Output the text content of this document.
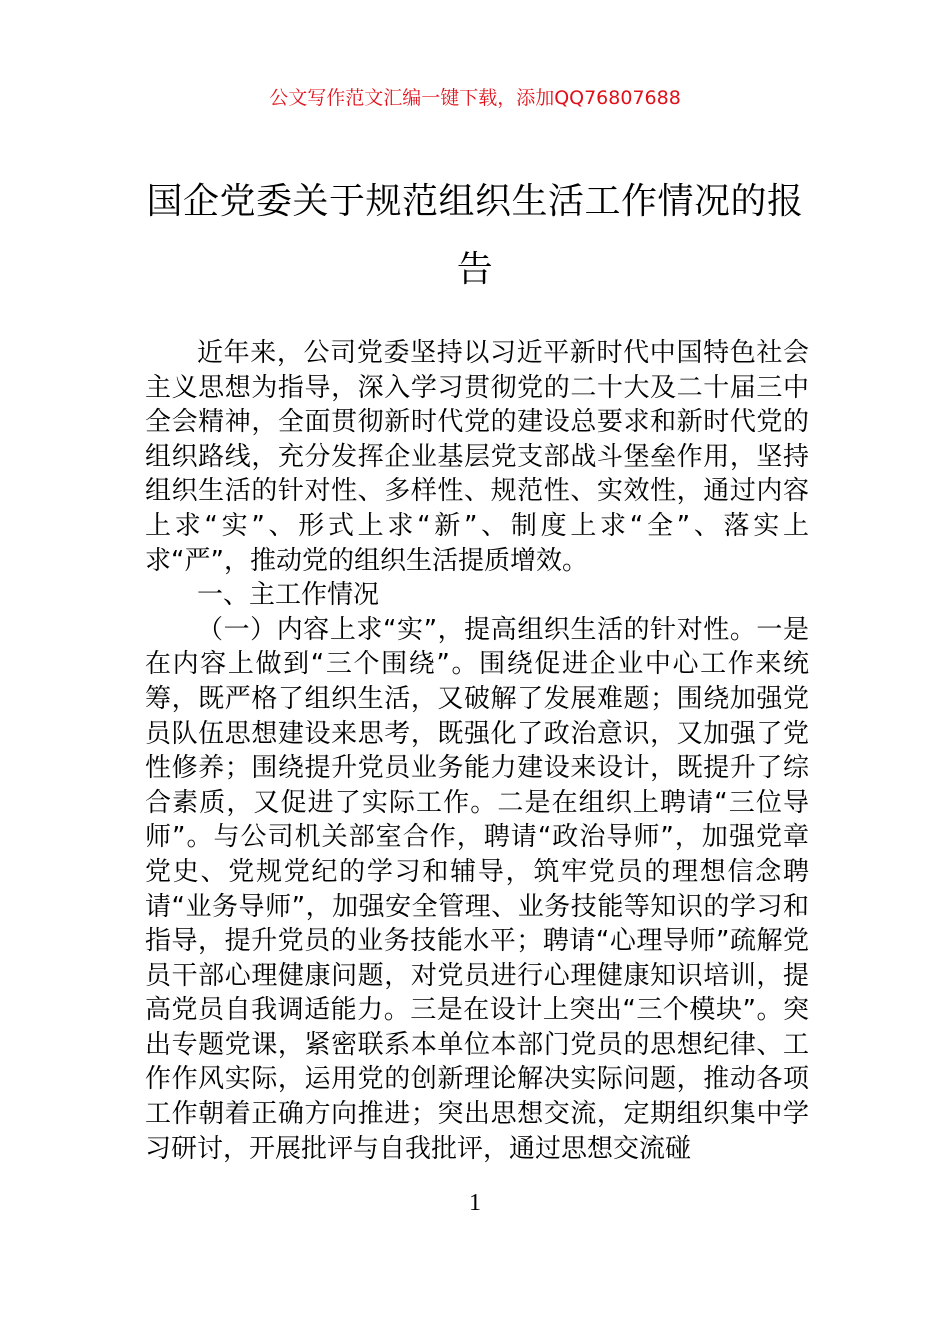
公文写作范文汇编一键下载，添加QQ76807688
国企党委关于规范组织生活工作情况的报告

近年来，公司党委坚持以习近平新时代中国特色社会主义思想为指导，深入学习贯彻党的二十大及二十届三中全会精神，全面贯彻新时代党的建设总要求和新时代党的组织路线，充分发挥企业基层党支部战斗堡垒作用，坚持组织生活的针对性、多样性、规范性、实效性，通过内容上求“实”、形式上求“新”、制度上求“全”、落实上求“严”，推动党的组织生活提质增效。

一、主工作情况

（一）内容上求“实”，提高组织生活的针对性。一是在内容上做到“三个围绕”。围绕促进企业中心工作来统筹，既严格了组织生活，又破解了发展难题；围绕加强党员队伍思想建设来思考，既强化了政治意识，又加强了党性修养；围绕提升党员业务能力建设来设计，既提升了综合素质，又促进了实际工作。二是在组织上聘请“三位导师”。与公司机关部室合作，聘请“政治导师”，加强党章党史、党规党纪的学习和辅导，筑牢党员的理想信念聘请“业务导师”，加强安全管理、业务技能等知识的学习和指导，提升党员的业务技能水平；聘请“心理导师”疏解党员干部心理健康问题，对党员进行心理健康知识培训，提高党员自我调适能力。三是在设计上突出“三个模块”。突出专题党课，紧密联系本单位本部门党员的思想纪律、工作作风实际，运用党的创新理论解决实际问题，推动各项工作朝着正确方向推进；突出思想交流，定期组织集中学习研讨，开展批评与自我批评，通过思想交流碰

1
